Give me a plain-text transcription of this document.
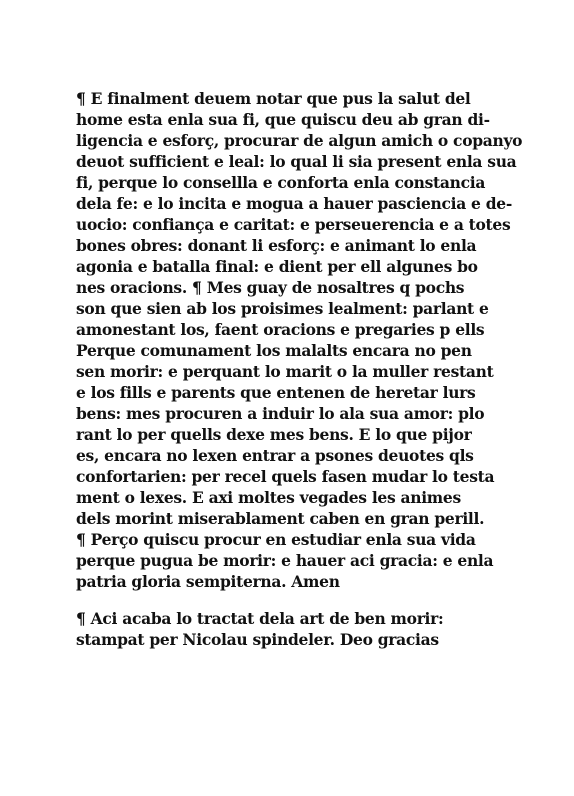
¶ E finalment deuem notar que pus la salut del
home esta enla sua fi, que quiscu deu ab gran di-
ligencia e esforç, procurar de algun amich o copanyo
deuot sufficient e leal: lo qual li sia present enla sua
fi, perque lo consellla e conforta enla constancia
dela fe: e lo incita e mogua a hauer pasciencia e de-
uocio: confiança e caritat: e perseuerencia e a totes
bones obres: donant li esforç: e animant lo enla
agonia e batalla final: e dient per ell algunes bo
nes oracions. ¶ Mes guay de nosaltres q pochs
son que sien ab los proisimes lealment: parlant e
amonestant los, faent oracions e pregaries p ells
Perque comunament los malalts encara no pen
sen morir: e perquant lo marit o la muller restant
e los fills e parents que entenen de heretar lurs
bens: mes procuren a induir lo ala sua amor: plo
rant lo per quells dexe mes bens. E lo que pijor
es, encara no lexen entrar a psones deuotes qls
confortarien: per recel quels fasen mudar lo testa
ment o lexes. E axi moltes vegades les animes
dels morint miserablament caben en gran perill.
¶ Perço quiscu procur en estudiar enla sua vida
perque pugua be morir: e hauer aci gracia: e enla
patria gloria sempiterna. Amen
¶ Aci acaba lo tractat dela art de ben morir:
stampat per Nicolau spindeler. Deo gracias
